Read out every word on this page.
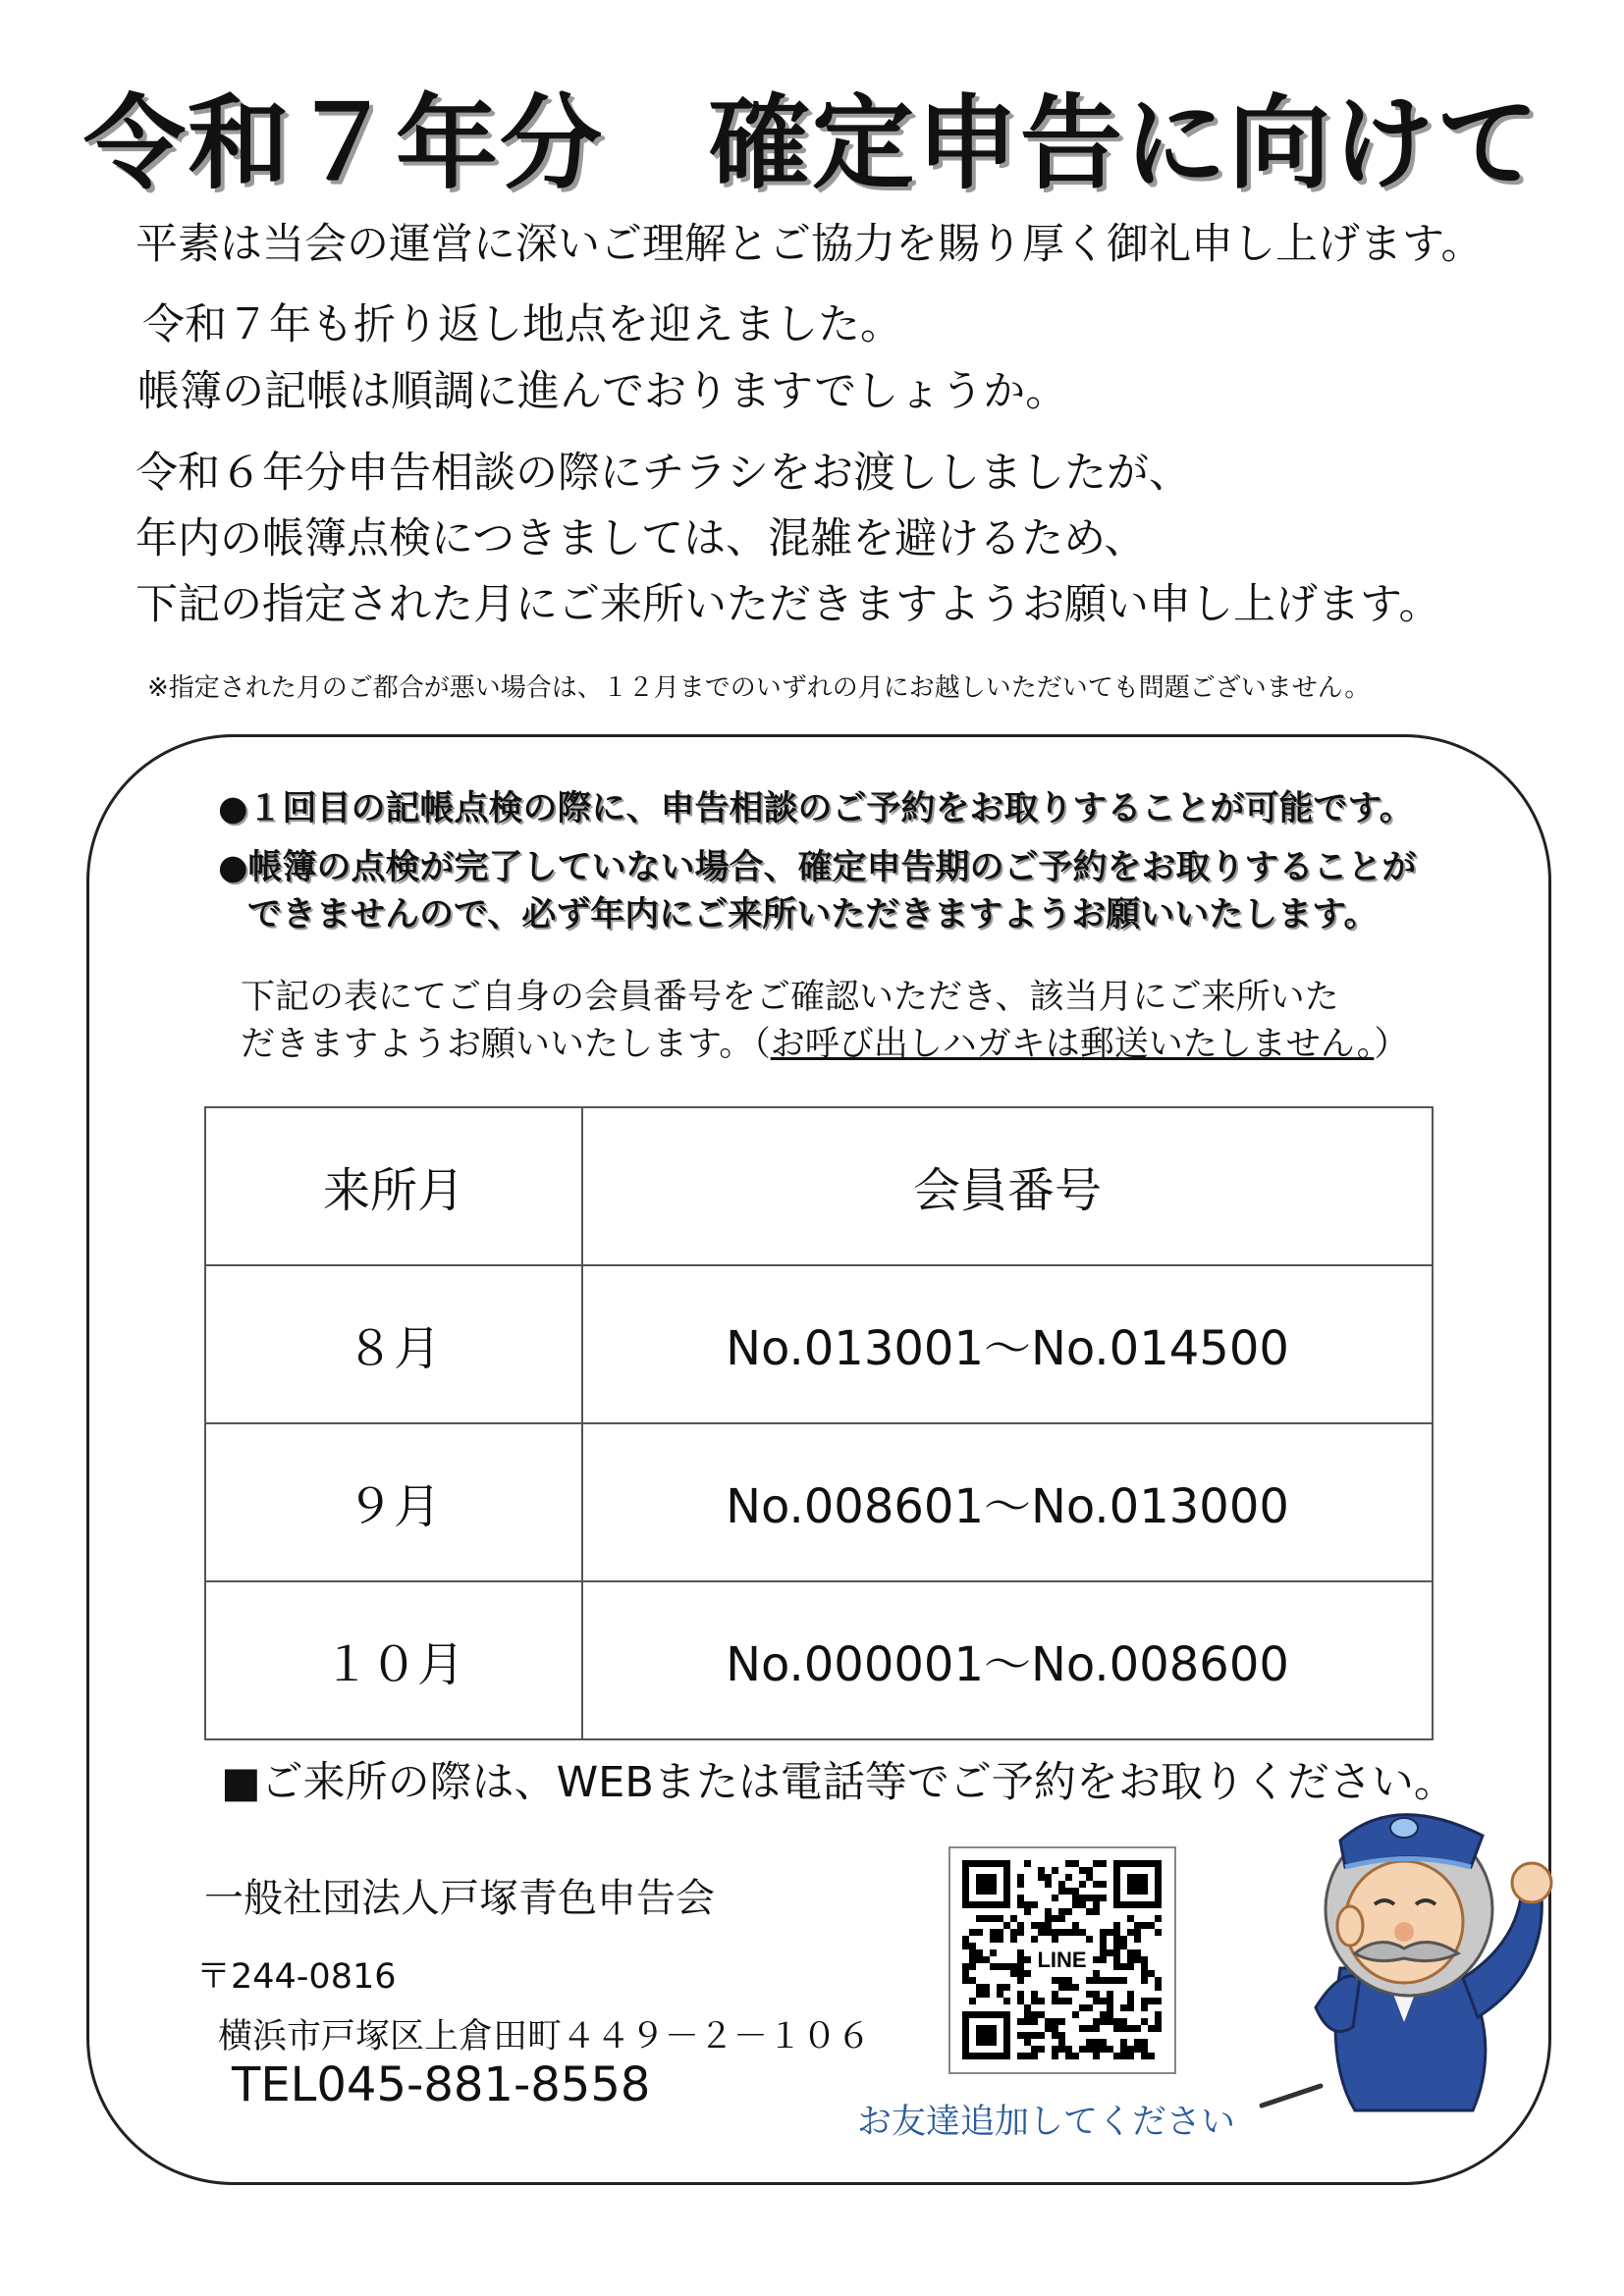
令和７年分　確定申告に向けて
平素は当会の運営に深いご理解とご協力を賜り厚く御礼申し上げます。
令和７年も折り返し地点を迎えました。
帳簿の記帳は順調に進んでおりますでしょうか。
令和６年分申告相談の際にチラシをお渡ししましたが、
年内の帳簿点検につきましては、混雑を避けるため、
下記の指定された月にご来所いただきますようお願い申し上げます。
※指定された月のご都合が悪い場合は、１２月までのいずれの月にお越しいただいても問題ございません。
●１回目の記帳点検の際に、申告相談のご予約をお取りすることが可能です。
●帳簿の点検が完了していない場合、確定申告期のご予約をお取りすることが
できませんので、必ず年内にご来所いただきますようお願いいたします。
下記の表にてご自身の会員番号をご確認いただき、該当月にご来所いた
だきますようお願いいたします。（お呼び出しハガキは郵送いたしません。）
来所月	会員番号
８月	No.013001～No.014500
９月	No.008601～No.013000
１０月	No.000001～No.008600
■ご来所の際は、WEBまたは電話等でご予約をお取りください。
一般社団法人戸塚青色申告会
〒244-0816
横浜市戸塚区上倉田町４４９－２－１０６
TEL045-881-8558
LINE
お友達追加してください
